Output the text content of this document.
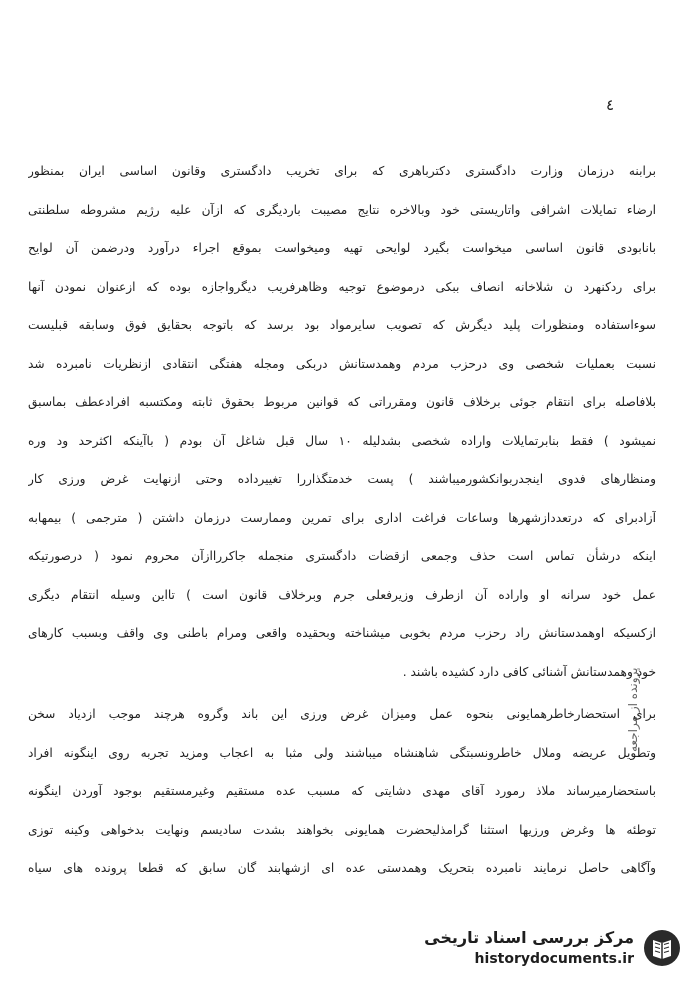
٤
برابنه درزمان وزارت دادگستری دکترباهری که برای تخریب دادگستری وقانون اساسی ایران بمنظور
ارضاء تمایلات اشرافی واتاریستی خود وبالاخره نتایج مصیبت باردیگری که ازآن علیه رژیم مشروطه سلطنتی
بانابودی قانون اساسی میخواست بگیرد لوایحی تهیه ومیخواست بموقع اجراء درآورد ودرضمن آن لوایح
برای ردکنهرد ن شلاخانه انصاف ببکی درموضوع توجیه وظاهرفریب دیگرواجازه بوده که ازعنوان نمودن آنها
سوءاستفاده ومنظورات پلید دیگرش که تصویب سایرمواد بود برسد که باتوجه بحقایق فوق وسابقه قبلیست
نسبت بعملیات شخصی وی درحزب مردم وهمدستانش دربکی ومجله هفتگی انتقادی ازنظریات نامبرده شد
بلافاصله برای انتقام جوئی برخلاف قانون ومقرراتی که قوانین مربوط بحقوق ثابته ومکتسبه افرادعطف بماسبق
نمیشود ) فقط بنابرتمایلات واراده شخصی بشدلیله ۱۰ سال قبل شاغل آن بودم ( باآینکه اکثرحد ود وره
ومنظارهای فدوی اینجدربوانکشورمیباشند ) پست خدمتگذاررا تغییرداده وحتی ازنهایت غرض ورزی کار
آزادبرای که درتعددازشهرها وساعات فراغت اداری برای تمرین وممارست درزمان داشتن ( مترجمی ) بیمهابه
اینکه درشأن تماس است حذف وجمعی ازقضات دادگستری منجمله جاکرراازآن محروم نمود ( درصورتیکه
عمل خود سرانه او واراده آن ازطرف وزیرفعلی جرم وبرخلاف قانون است ) تااین وسیله انتقام دیگری
ازکسیکه اوهمدستانش راد رحزب مردم بخوبی میشناخته وبحقیده واقعی ومرام باطنی وی واقف وبسبب کارهای
خود وهمدستانش آشنائی کافی دارد کشیده باشند .
برای استحضارخاطرهمایونی بنحوه عمل ومیزان غرض ورزی این باند وگروه هرچند موجب ازدیاد سخن
وتطویل عریضه وملال خاطرونسبتگی شاهنشاه میباشند ولی مثبا به اعجاب ومزید تجربه روی اینگونه افراد
باستحضارمیرساند ملاذ رمورد آقای مهدی دشایتی که مسبب عده مستقیم وغیرمستقیم بوجود آوردن اینگونه
توطئه ها وغرض ورزیها استثنا گرامذلیحضرت همایونی بخواهند بشدت سادیسم ونهایت بدخواهی وکینه توزی
وآگاهی حاصل نرمایند نامبرده بتحریک وهمدستی عده ای ازشهابند گان سابق که قطعا پرونده های سیاه
پرونده از مراجعه
مرکز بررسی اسناد تاریخی
historydocuments.ir
